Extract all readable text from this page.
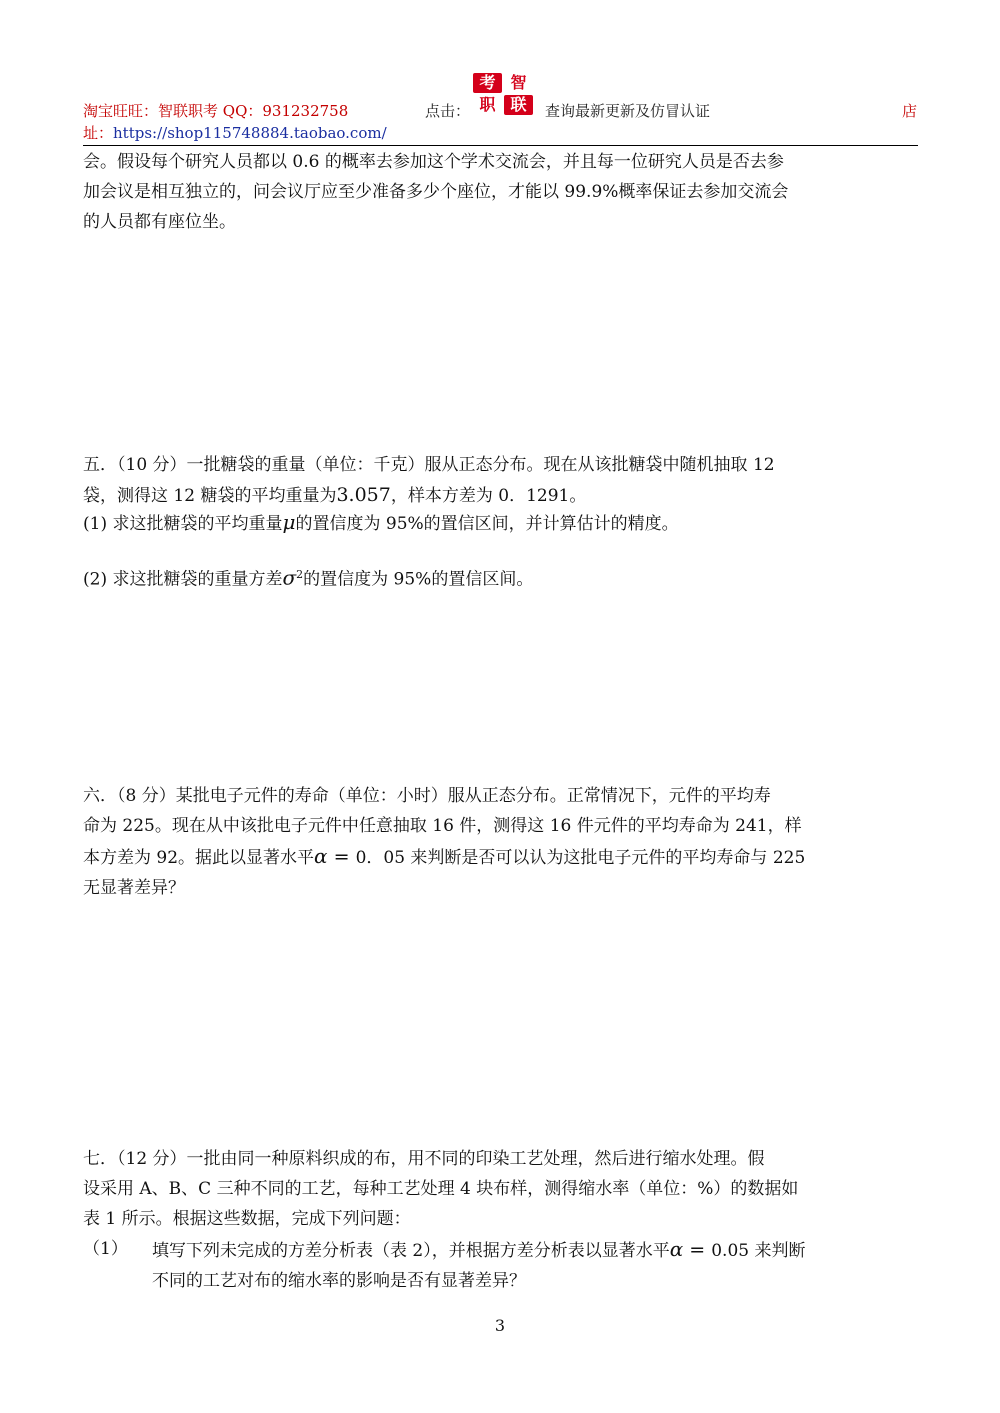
淘宝旺旺：智联职考 QQ：931232758	点击：
考 智
职 联	查询最新更新及仿冒认证	店
址：https://shop115748884.taobao.com/
会。假设每个研究人员都以 0.6 的概率去参加这个学术交流会，并且每一位研究人员是否去参
加会议是相互独立的，问会议厅应至少准备多少个座位，才能以 99.9%概率保证去参加交流会
的人员都有座位坐。
五．（10 分）一批糖袋的重量（单位：千克）服从正态分布。现在从该批糖袋中随机抽取 12
袋，测得这 12 糖袋的平均重量为3.057，样本方差为 0．1291。
(1) 求这批糖袋的平均重量μ的置信度为 95%的置信区间，并计算估计的精度。
(2) 求这批糖袋的重量方差$\sigma^2$的置信度为 95%的置信区间。
六．（8 分）某批电子元件的寿命（单位：小时）服从正态分布。正常情况下，元件的平均寿
命为 225。现在从中该批电子元件中任意抽取 16 件，测得这 16 件元件的平均寿命为 241，样
本方差为 92。据此以显著水平α = 0．05 来判断是否可以认为这批电子元件的平均寿命与 225
无显著差异？
七．（12 分）一批由同一种原料织成的布，用不同的印染工艺处理，然后进行缩水处理。假
设采用 A、B、C 三种不同的工艺，每种工艺处理 4 块布样，测得缩水率（单位：%）的数据如
表 1 所示。根据这些数据，完成下列问题：
（1） 填写下列未完成的方差分析表（表 2），并根据方差分析表以显著水平α = 0.05 来判断
不同的工艺对布的缩水率的影响是否有显著差异？
3
